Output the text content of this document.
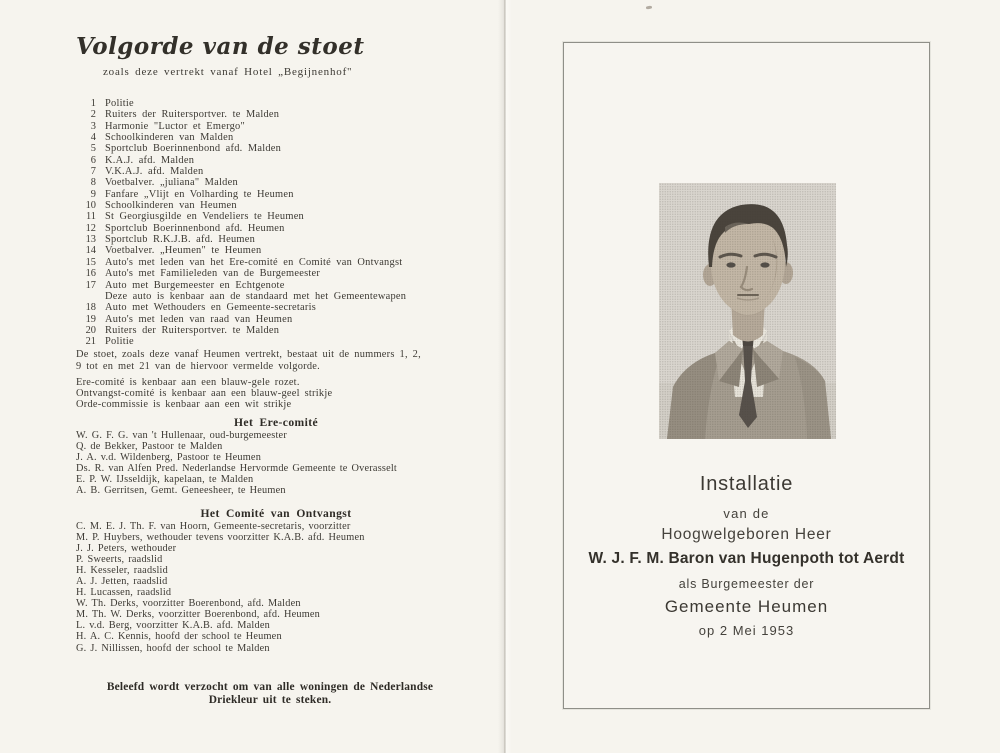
Volgorde van de stoet
zoals deze vertrekt vanaf Hotel „Begijnenhof"
1 Politie
2 Ruiters der Ruitersportver. te Malden
3 Harmonie "Luctor et Emergo"
4 Schoolkinderen van Malden
5 Sportclub Boerinnenbond afd. Malden
6 K.A.J. afd. Malden
7 V.K.A.J. afd. Malden
8 Voetbalver. „juliana" Malden
9 Fanfare „Vlijt en Volharding te Heumen
10 Schoolkinderen van Heumen
11 St Georgiusgilde en Vendeliers te Heumen
12 Sportclub Boerinnenbond afd. Heumen
13 Sportclub R.K.J.B. afd. Heumen
14 Voetbalver. „Heumen" te Heumen
15 Auto's met leden van het Ere-comité en Comité van Ontvangst
16 Auto's met Familieleden van de Burgemeester
17 Auto met Burgemeester en Echtgenote
Deze auto is kenbaar aan de standaard met het Gemeentewapen
18 Auto met Wethouders en Gemeente-secretaris
19 Auto's met leden van raad van Heumen
20 Ruiters der Ruitersportver. te Malden
21 Politie
De stoet, zoals deze vanaf Heumen vertrekt, bestaat uit de nummers 1, 2,
9 tot en met 21 van de hiervoor vermelde volgorde.
Ere-comité is kenbaar aan een blauw-gele rozet.
Ontvangst-comité is kenbaar aan een blauw-geel strikje
Orde-commissie is kenbaar aan een wit strikje
Het Ere-comité
W. G. F. G. van 't Hullenaar, oud-burgemeester
Q. de Bekker, Pastoor te Malden
J. A. v.d. Wildenberg, Pastoor te Heumen
Ds. R. van Alfen Pred. Nederlandse Hervormde Gemeente te Overasselt
E. P. W. IJsseldijk, kapelaan, te Malden
A. B. Gerritsen, Gemt. Geneesheer, te Heumen
Het Comité van Ontvangst
C. M. E. J. Th. F. van Hoorn, Gemeente-secretaris, voorzitter
M. P. Huybers, wethouder tevens voorzitter K.A.B. afd. Heumen
J. J. Peters, wethouder
P. Sweerts, raadslid
H. Kesseler, raadslid
A. J. Jetten, raadslid
H. Lucassen, raadslid
W. Th. Derks, voorzitter Boerenbond, afd. Malden
M. Th. W. Derks, voorzitter Boerenbond, afd. Heumen
L. v.d. Berg, voorzitter K.A.B. afd. Malden
H. A. C. Kennis, hoofd der school te Heumen
G. J. Nillissen, hoofd der school te Malden
Beleefd wordt verzocht om van alle woningen de Nederlandse
Driekleur uit te steken.
Installatie
van de
Hoogwelgeboren Heer
W. J. F. M. Baron van Hugenpoth tot Aerdt
als Burgemeester der
Gemeente Heumen
op 2 Mei 1953
